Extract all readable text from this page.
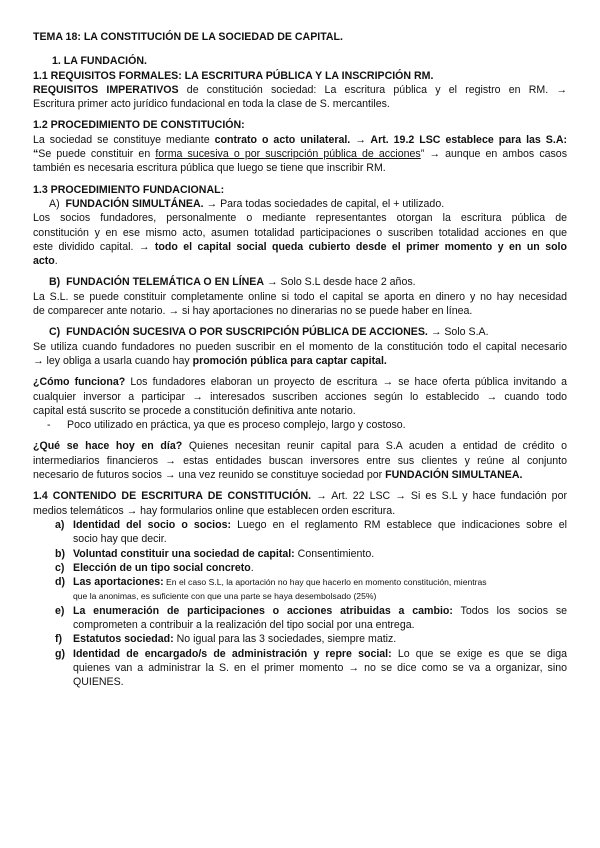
TEMA 18: LA CONSTITUCIÓN DE LA SOCIEDAD DE CAPITAL.
1. LA FUNDACIÓN.
1.1 REQUISITOS FORMALES: LA ESCRITURA PÚBLICA Y LA INSCRIPCIÓN RM.
REQUISITOS IMPERATIVOS de constitución sociedad: La escritura pública y el registro en RM. →
Escritura primer acto jurídico fundacional en toda la clase de S. mercantiles.
1.2 PROCEDIMIENTO DE CONSTITUCIÓN:
La sociedad se constituye mediante contrato o acto unilateral. → Art. 19.2 LSC establece para las S.A:
“Se puede constituir en forma sucesiva o por suscripción pública de acciones” → aunque en ambos casos
también es necesaria escritura pública que luego se tiene que inscribir RM.
1.3 PROCEDIMIENTO FUNDACIONAL:
A) FUNDACIÓN SIMULTÁNEA. → Para todas sociedades de capital, el + utilizado.
Los socios fundadores, personalmente o mediante representantes otorgan la escritura pública de
constitución y en ese mismo acto, asumen totalidad participaciones o suscriben totalidad acciones en que
este dividido capital. → todo el capital social queda cubierto desde el primer momento y en un solo
acto.
B) FUNDACIÓN TELEMÁTICA O EN LÍNEA → Solo S.L desde hace 2 años.
La S.L. se puede constituir completamente online si todo el capital se aporta en dinero y no hay necesidad
de comparecer ante notario. → si hay aportaciones no dinerarias no se puede haber en línea.
C) FUNDACIÓN SUCESIVA O POR SUSCRIPCIÓN PÚBLICA DE ACCIONES. → Solo S.A.
Se utiliza cuando fundadores no pueden suscribir en el momento de la constitución todo el capital necesario
→ ley obliga a usarla cuando hay promoción pública para captar capital.
¿Cómo funciona? Los fundadores elaboran un proyecto de escritura → se hace oferta pública invitando a
cualquier inversor a participar → interesados suscriben acciones según lo establecido → cuando todo
capital está suscrito se procede a constitución definitiva ante notario.
- Poco utilizado en práctica, ya que es proceso complejo, largo y costoso.
¿Qué se hace hoy en día? Quienes necesitan reunir capital para S.A acuden a entidad de crédito o
intermediarios financieros → estas entidades buscan inversores entre sus clientes y reúne al conjunto
necesario de futuros socios → una vez reunido se constituye sociedad por FUNDACIÓN SIMULTANEA.
1.4 CONTENIDO DE ESCRITURA DE CONSTITUCIÓN. → Art. 22 LSC → Si es S.L y hace fundación por
medios telemáticos → hay formularios online que establecen orden escritura.
a) Identidad del socio o socios: Luego en el reglamento RM establece que indicaciones sobre el
socio hay que decir.
b) Voluntad constituir una sociedad de capital: Consentimiento.
c) Elección de un tipo social concreto.
d) Las aportaciones: En el caso S.L, la aportación no hay que hacerlo en momento constitución, mientras
que la anonimas, es suficiente con que una parte se haya desembolsado (25%)
e) La enumeración de participaciones o acciones atribuidas a cambio: Todos los socios se
comprometen a contribuir a la realización del tipo social por una entrega.
f)	Estatutos sociedad: No igual para las 3 sociedades, siempre matiz.
g) Identidad de encargado/s de administración y repre social: Lo que se exige es que se diga
quienes van a administrar la S. en el primer momento → no se dice como se va a organizar, sino
QUIENES.
